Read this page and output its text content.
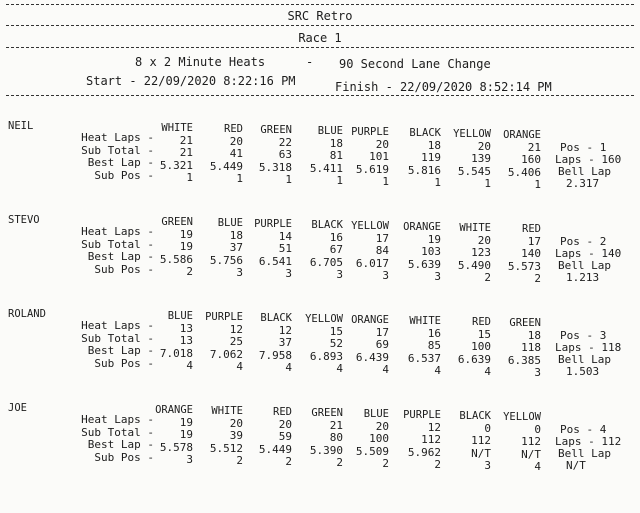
SRC Retro
Race 1
8 x 2 Minute Heats	- 90 Second Lane Change
Start - 22/09/2020 8:22:16 PM	Finish - 22/09/2020 8:52:14 PM
NEIL
Heat Laps -
Sub Total -
Best Lap -
Sub Pos -
WHITE
21
21
5.321
1
RED
20
41
5.449
1
GREEN
22
63
5.318
1
BLUE
18
81
5.411
1
PURPLE
20
101
5.619
1
BLACK
18
119
5.816
1
YELLOW
20
139
5.545
1
ORANGE
21
160
5.406
1
Pos - 1
Laps - 160
Bell Lap
2.317
STEVO
Heat Laps -
Sub Total -
Best Lap -
Sub Pos -
GREEN
19
19
5.586
2
BLUE
18
37
5.756
3
PURPLE
14
51
6.541
3
BLACK
16
67
6.705
3
YELLOW
17
84
6.017
3
ORANGE
19
103
5.639
3
WHITE
20
123
5.490
2
RED
17
140
5.573
2
Pos - 2
Laps - 140
Bell Lap
1.213
ROLAND
Heat Laps -
Sub Total -
Best Lap -
Sub Pos -
BLUE
13
13
7.018
4
PURPLE
12
25
7.062
4
BLACK
12
37
7.958
4
YELLOW
15
52
6.893
4
ORANGE
17
69
6.439
4
WHITE
16
85
6.537
4
RED
15
100
6.639
4
GREEN
18
118
6.385
3
Pos - 3
Laps - 118
Bell Lap
1.503
JOE
Heat Laps -
Sub Total -
Best Lap -
Sub Pos -
ORANGE
19
19
5.578
3
WHITE
20
39
5.512
2
RED
20
59
5.449
2
GREEN
21
80
5.390
2
BLUE
20
100
5.509
2
PURPLE
12
112
5.962
2
BLACK
0
112
N/T
3
YELLOW
0
112
N/T
4
Pos - 4
Laps - 112
Bell Lap
N/T
